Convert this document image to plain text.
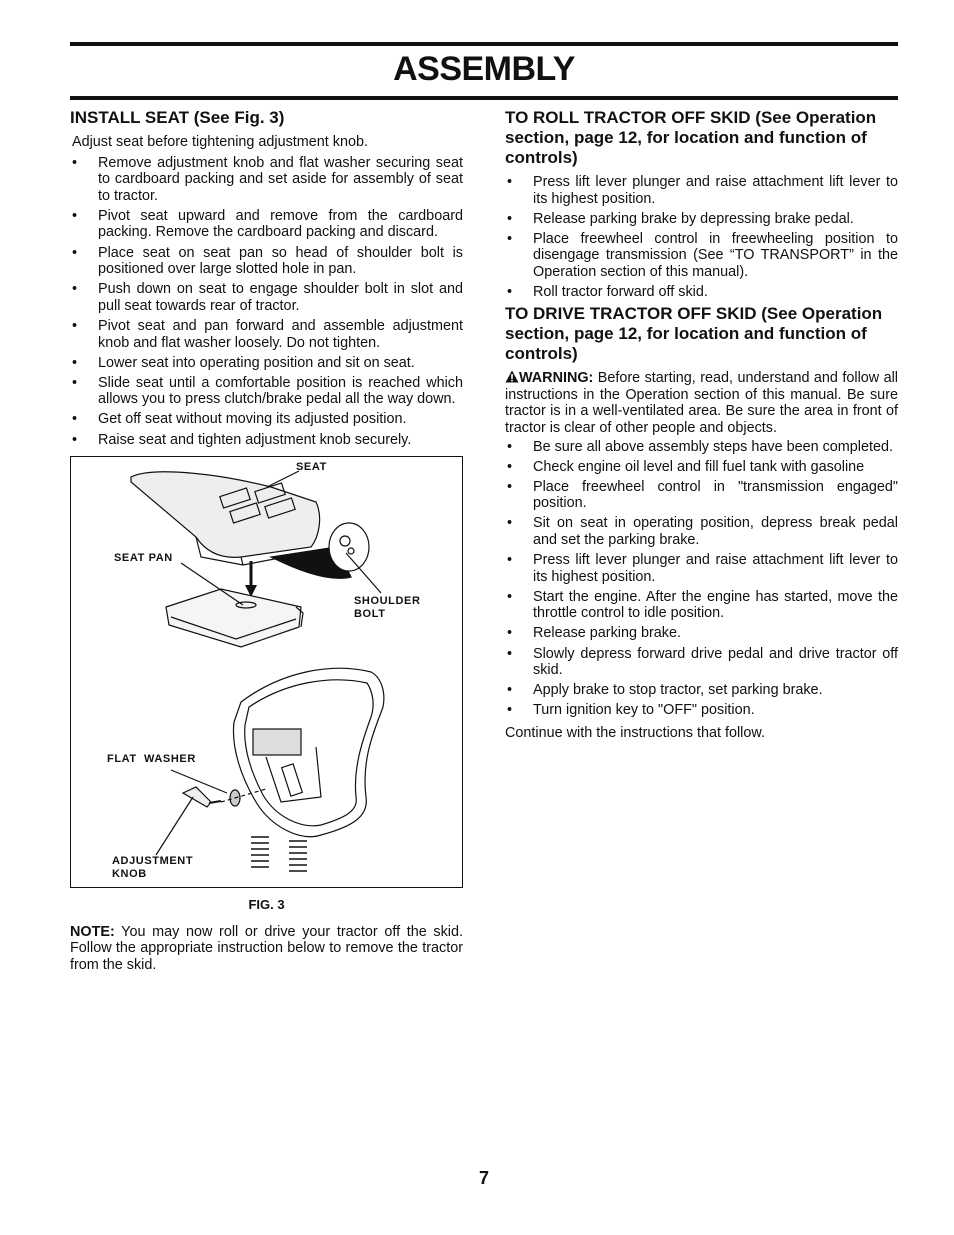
ASSEMBLY
INSTALL SEAT (See Fig. 3)

Adjust seat before tightening adjustment knob.

• Remove adjustment knob and flat washer securing seat to cardboard packing and set aside for assembly of seat to tractor.
• Pivot seat upward and remove from the cardboard packing. Remove the cardboard packing and discard.
• Place seat on seat pan so head of shoulder bolt is positioned over large slotted hole in pan.
• Push down on seat to engage shoulder bolt in slot and pull seat towards rear of tractor.
• Pivot seat and pan forward and assemble adjustment knob and flat washer loosely. Do not tighten.
• Lower seat into operating position and sit on seat.
• Slide seat until a comfortable position is reached which allows you to press clutch/brake pedal all the way down.
• Get off seat without moving its adjusted position.
• Raise seat and tighten adjustment knob securely.
SEAT
SEAT PAN
SHOULDER
BOLT
FLAT  WASHER
ADJUSTMENT
KNOB

FIG. 3

NOTE: You may now roll or drive your tractor off the skid. Follow the appropriate instruction below to remove the tractor from the skid.

TO ROLL TRACTOR OFF SKID (See Operation section, page 12, for location and function of controls)
• Press lift lever plunger and raise attachment lift lever to its highest position.
• Release parking brake by depressing brake pedal.
• Place freewheel control in freewheeling position to disengage transmission (See “TO TRANSPORT” in the Operation section of this manual).
• Roll tractor forward off skid.
TO DRIVE TRACTOR OFF SKID (See Operation section, page 12, for location and function of controls)

WARNING: Before starting, read, understand and follow all instructions in the Operation section of this manual. Be sure tractor is in a well-ventilated area. Be sure the area in front of tractor is clear of other people and objects.

• Be sure all above assembly steps have been completed.
• Check engine oil level and fill fuel tank with gasoline
• Place freewheel control in "transmission engaged" position.
• Sit on seat in operating position, depress break pedal and set the parking brake.
• Press lift lever plunger and raise attachment lift lever to its highest position.
• Start the engine. After the engine has started, move the throttle control to idle position.
• Release parking brake.
• Slowly depress forward drive pedal and drive tractor off skid.
• Apply brake to stop tractor, set parking brake.
• Turn ignition key to "OFF" position.

Continue with the instructions that follow.

7
